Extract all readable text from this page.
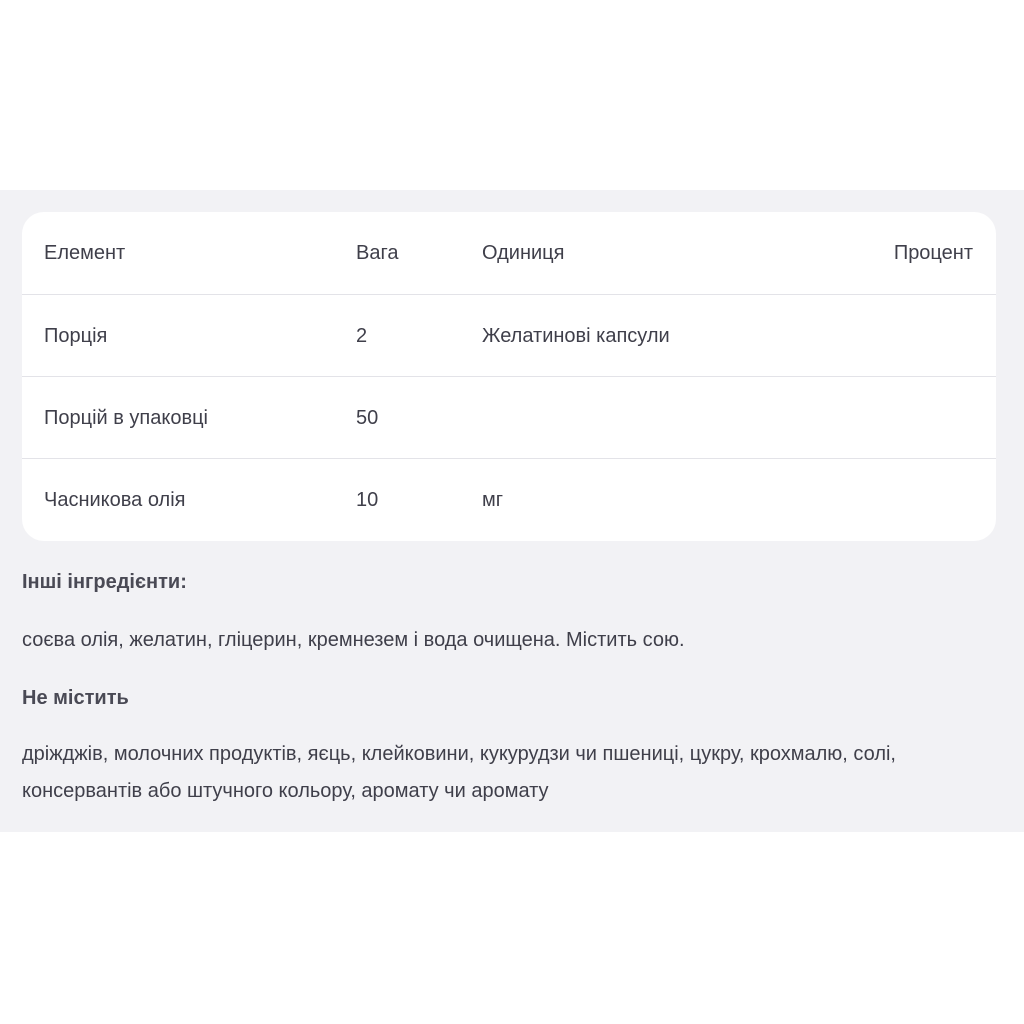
Елемент	Вага	Одиниця	Процент
Порція	2	Желатинові капсули
Порцій в упаковці	50
Часникова олія	10	мг
Інші інгредієнти:

соєва олія, желатин, гліцерин, кремнезем і вода очищена. Містить сою.

Не містить

дріжджів, молочних продуктів, яєць, клейковини, кукурудзи чи пшениці, цукру, крохмалю, солі, консервантів або штучного кольору, аромату чи аромату
